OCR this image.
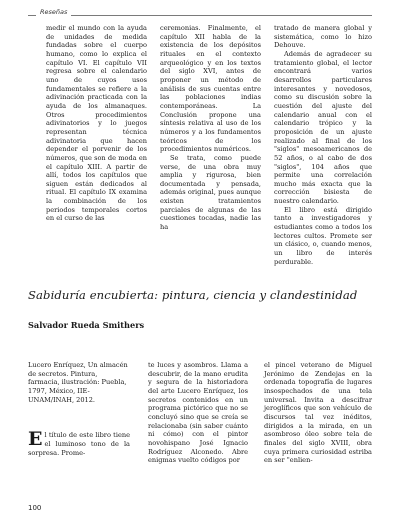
Reseñas

medir el mundo con la ayuda de unidades de medida fundadas sobre el cuerpo humano, como lo explica el capítulo VI. El capítulo VII regresa sobre el calendario uno de cuyos usos fundamentales se refiere a la adivinación practicada con la ayuda de los almanaques. Otros procedimientos adivinatorios y lo juegos representan técnica adivinatoria que hacen depender el porvenir de los números, que son de moda en el capítulo XIII. A partir de allí, todos los capítulos que siguen están dedicados al ritual. El capítulo IX examina la combinación de los periodos temporales cortos en el curso de las

ceremonias. Finalmente, el capítulo XII habla de la existencia de los depósitos rituales en el contexto arqueológico y en los textos del siglo XVI, antes de proponer un método de análisis de sus cuentas entre las poblaciones indias contemporáneas. La Conclusión propone una síntesis relativa al uso de los números y a los fundamentos teóricos de los procedimientos numéricos.

Se trata, como puede verse, de una obra muy amplia y rigurosa, bien documentada y pensada, además original, pues aunque existen tratamientos parciales de algunas de las cuestiones tocadas, nadie las ha

tratado de manera global y sistemática, como lo hizo Dehouve.

Además de agradecer su tratamiento global, el lector encontrará varios desarrollos particulares interesantes y novedosos, como su discusión sobre la cuestión del ajuste del calendario anual con el calendario trópico y la proposición de un ajuste realizado al final de los "siglos" mesoamericanos de 52 años, o al cabo de dos "siglos", 104 años que permite una correlación mucho más exacta que la corrección bisiesta de nuestro calendario.

El libro está dirigido tanto a investigadores y estudiantes como a todos los lectores cultos. Promete ser un clásico, o, cuando menos, un libro de interés perdurable.

Sabiduría encubierta: pintura, ciencia y clandestinidad

Salvador Rueda Smithers

Lucero Enríquez, Un almacén de secretos. Pintura, farmacia, ilustración: Puebla, 1797, México, IIE-UNAM/INAH, 2012.

El título de este libro tiene el luminoso tono de la sorpresa. Prome-

te luces y asombros. Llama a descubrir, de la mano erudita y segura de la historiadora del arte Lucero Enríquez, los secretos contenidos en un programa pictórico que no se concluyó sino que se creía se relacionaba (sin saber cuánto ni cómo) con el pintor novohispano José Ignacio Rodríguez Alconedo. Abre enigmas vuelto códigos por

el pincel veterano de Miguel Jerónimo de Zendejas en la ordenada topografía de lugares insospechados de una tela universal. Invita a descifrar jeroglíficos que son vehículo de discursos tal vez inéditos, dirigidos a la mirada, en un asombroso óleo sobre tela de finales del siglo XVIII, obra cuya primera curiosidad estriba en ser "enlien-

100
